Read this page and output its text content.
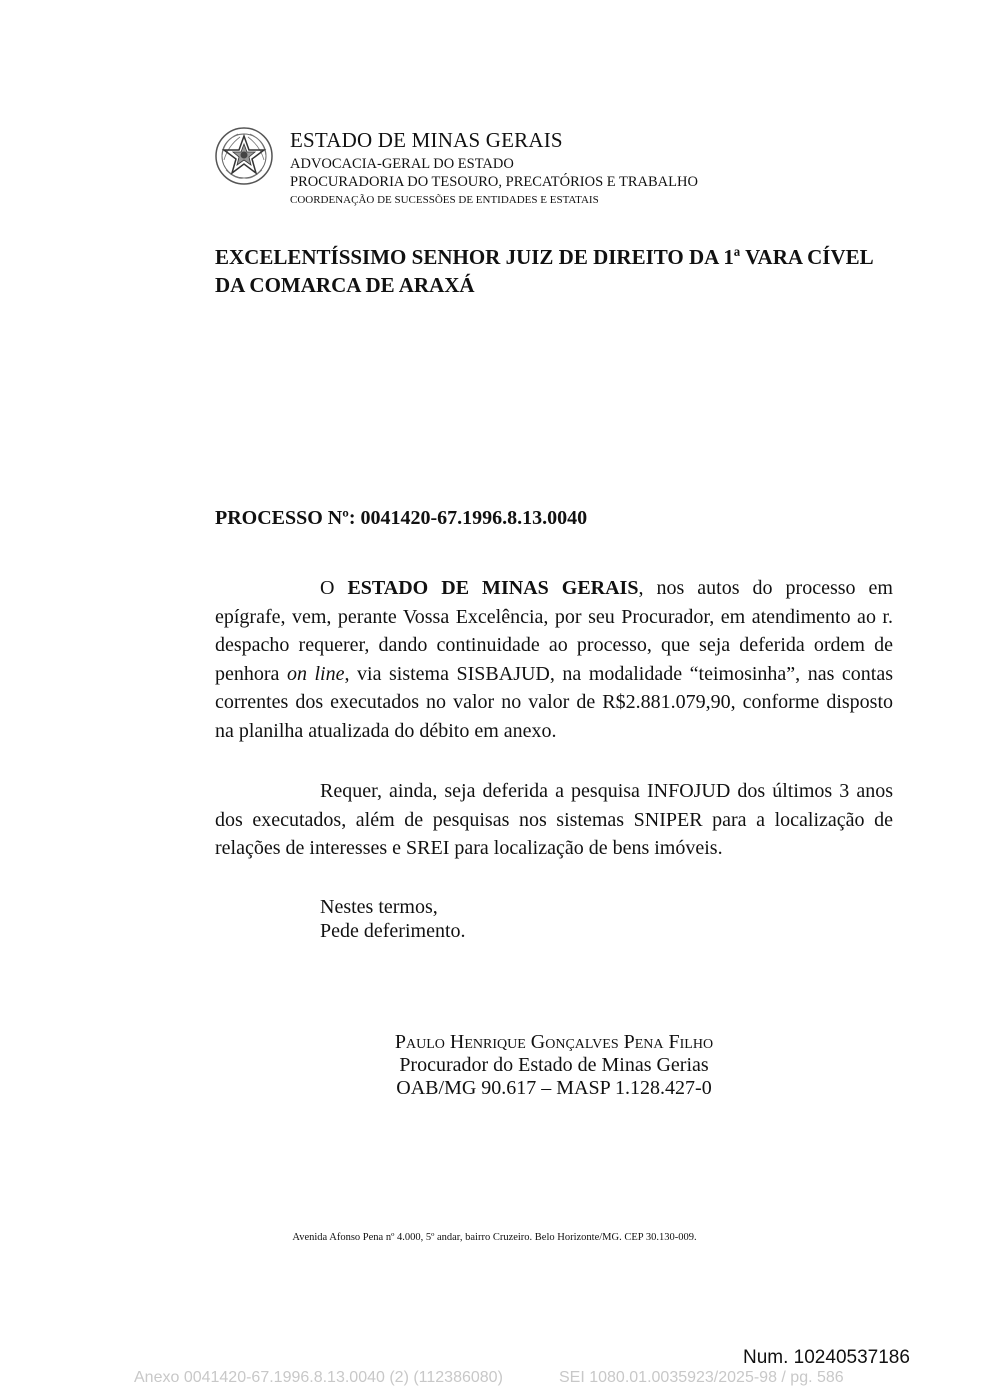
ESTADO DE MINAS GERAIS
ADVOCACIA-GERAL DO ESTADO
PROCURADORIA DO TESOURO, PRECATÓRIOS E TRABALHO
COORDENAÇÃO DE SUCESSÕES DE ENTIDADES E ESTATAIS
EXCELENTÍSSIMO SENHOR JUIZ DE DIREITO DA 1ª VARA CÍVEL
DA COMARCA DE ARAXÁ
PROCESSO Nº: 0041420-67.1996.8.13.0040
O ESTADO DE MINAS GERAIS, nos autos do processo em epígrafe, vem, perante Vossa Excelência, por seu Procurador, em atendimento ao r. despacho requerer, dando continuidade ao processo, que seja deferida ordem de penhora on line, via sistema SISBAJUD, na modalidade “teimosinha”, nas contas correntes dos executados no valor no valor de R$2.881.079,90, conforme disposto na planilha atualizada do débito em anexo.
Requer, ainda, seja deferida a pesquisa INFOJUD dos últimos 3 anos dos executados, além de pesquisas nos sistemas SNIPER para a localização de relações de interesses e SREI para localização de bens imóveis.
Nestes termos,
Pede deferimento.
Paulo Henrique Gonçalves Pena Filho
Procurador do Estado de Minas Gerias
OAB/MG 90.617 – MASP 1.128.427-0
Avenida Afonso Pena nº 4.000, 5º andar, bairro Cruzeiro. Belo Horizonte/MG. CEP 30.130-009.
Num. 10240537186
Anexo 0041420-67.1996.8.13.0040 (2) (112386080)	SEI 1080.01.0035923/2025-98 / pg. 586
